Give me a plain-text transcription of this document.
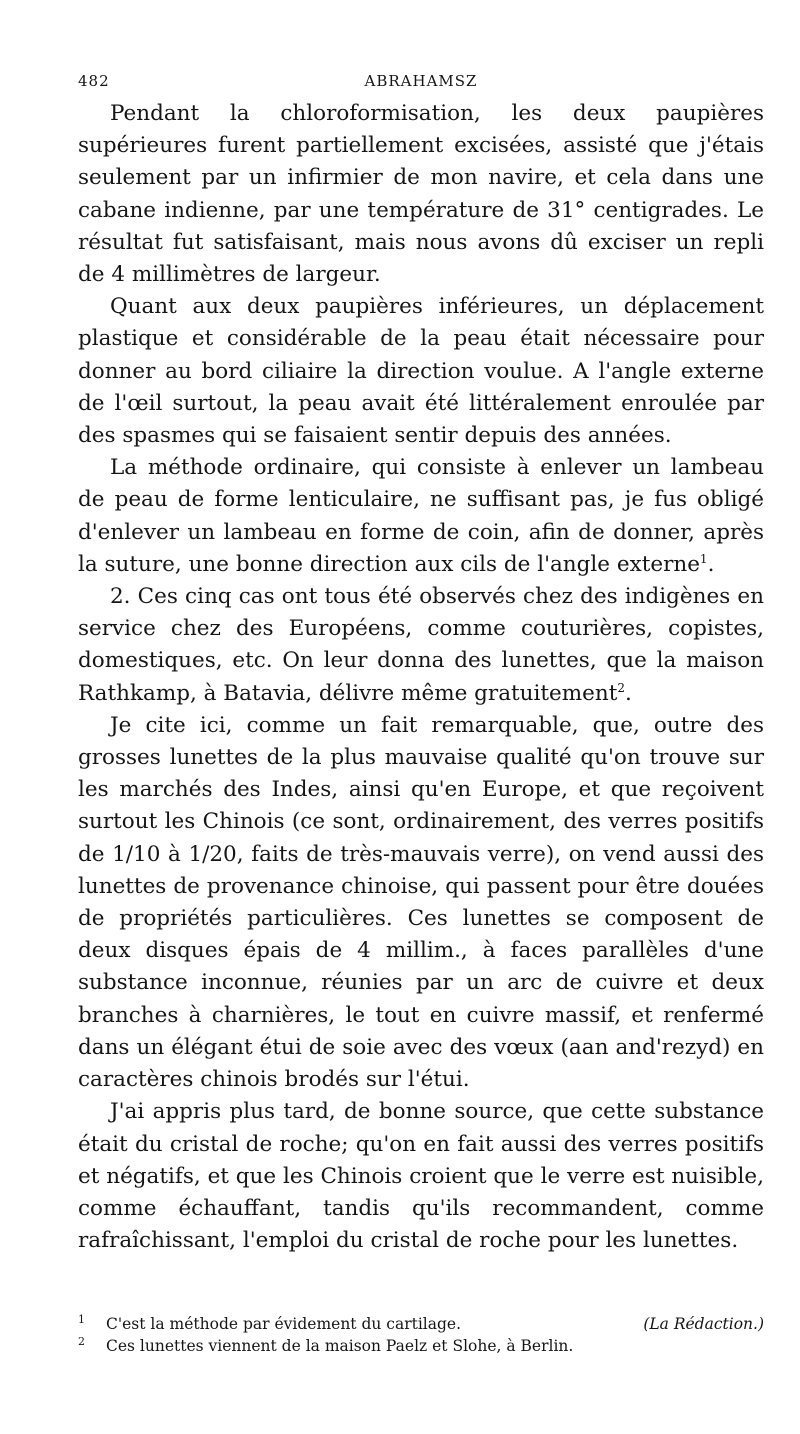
482	ABRAHAMSZ

Pendant la chloroformisation, les deux paupières supérieures furent partiellement excisées, assisté que j'étais seulement par un infirmier de mon navire, et cela dans une cabane indienne, par une température de 31° centigrades. Le résultat fut satisfaisant, mais nous avons dû exciser un repli de 4 millimètres de largeur.

Quant aux deux paupières inférieures, un déplacement plastique et considérable de la peau était nécessaire pour donner au bord ciliaire la direction voulue. A l'angle externe de l'œil surtout, la peau avait été littéralement enroulée par des spasmes qui se faisaient sentir depuis des années.

La méthode ordinaire, qui consiste à enlever un lambeau de peau de forme lenticulaire, ne suffisant pas, je fus obligé d'enlever un lambeau en forme de coin, afin de donner, après la suture, une bonne direction aux cils de l'angle externe$^1$.

2. Ces cinq cas ont tous été observés chez des indigènes en service chez des Européens, comme couturières, copistes, domestiques, etc. On leur donna des lunettes, que la maison Rathkamp, à Batavia, délivre même gratuitement$^2$.

Je cite ici, comme un fait remarquable, que, outre des grosses lunettes de la plus mauvaise qualité qu'on trouve sur les marchés des Indes, ainsi qu'en Europe, et que reçoivent surtout les Chinois (ce sont, ordinairement, des verres positifs de 1/10 à 1/20, faits de très-mauvais verre), on vend aussi des lunettes de provenance chinoise, qui passent pour être douées de propriétés particulières. Ces lunettes se composent de deux disques épais de 4 millim., à faces parallèles d'une substance inconnue, réunies par un arc de cuivre et deux branches à charnières, le tout en cuivre massif, et renfermé dans un élégant étui de soie avec des vœux (aan and'rezyd) en caractères chinois brodés sur l'étui.

J'ai appris plus tard, de bonne source, que cette substance était du cristal de roche; qu'on en fait aussi des verres positifs et négatifs, et que les Chinois croient que le verre est nuisible, comme échauffant, tandis qu'ils recommandent, comme rafraîchissant, l'emploi du cristal de roche pour les lunettes.

1 C'est la méthode par évidement du cartilage.	(La Rédaction.)
2 Ces lunettes viennent de la maison Paelz et Slohe, à Berlin.
